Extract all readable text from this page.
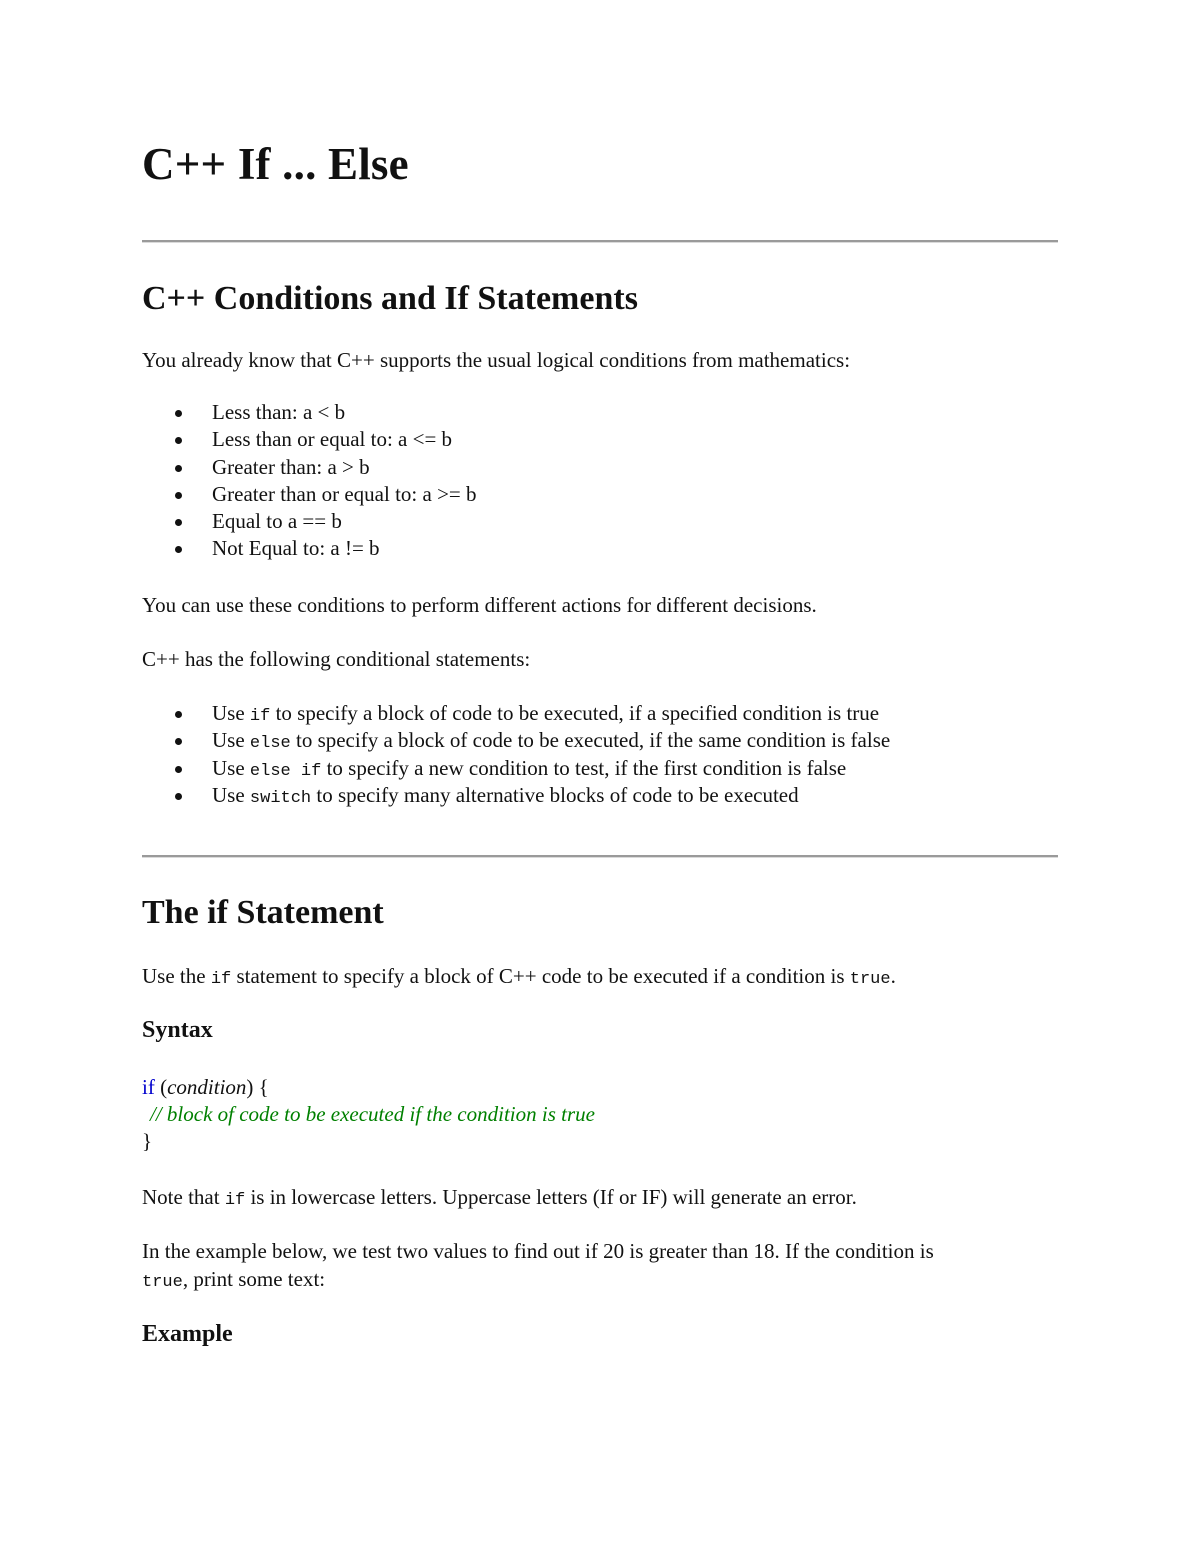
C++ If ... Else
C++ Conditions and If Statements

You already know that C++ supports the usual logical conditions from mathematics:

Less than: a < b
Less than or equal to: a <= b
Greater than: a > b
Greater than or equal to: a >= b
Equal to a == b
Not Equal to: a != b

You can use these conditions to perform different actions for different decisions.

C++ has the following conditional statements:

Use if to specify a block of code to be executed, if a specified condition is true
Use else to specify a block of code to be executed, if the same condition is false
Use else if to specify a new condition to test, if the first condition is false
Use switch to specify many alternative blocks of code to be executed
The if Statement

Use the if statement to specify a block of C++ code to be executed if a condition is true.

Syntax
if (condition) {
// block of code to be executed if the condition is true
}

Note that if is in lowercase letters. Uppercase letters (If or IF) will generate an error.

In the example below, we test two values to find out if 20 is greater than 18. If the condition is
true, print some text:

Example
